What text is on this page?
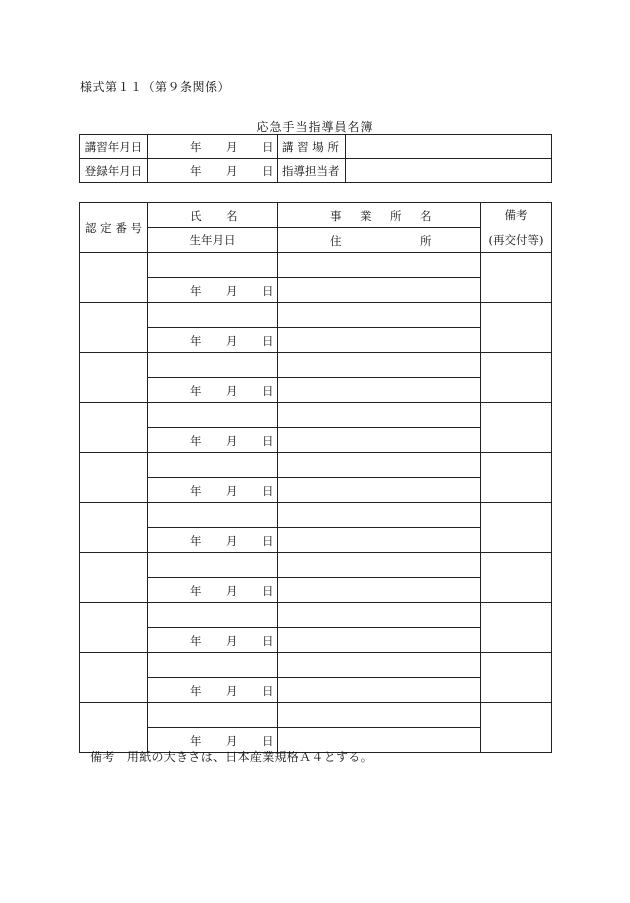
様式第１１（第９条関係）
応急手当指導員名簿
講習年月日	年 月 日	講 習 場 所	
登録年月日	年 月 日	指導担当者	
認 定 番 号	氏 名	事 業 所 名	備考
	生年月日	住 所	(再交付等)

	年 月 日		

	年 月 日		

	年 月 日		

	年 月 日		

	年 月 日		

	年 月 日		

	年 月 日		

	年 月 日		

	年 月 日		

	年 月 日		

備考　用紙の大きさは、日本産業規格Ａ４とする。
